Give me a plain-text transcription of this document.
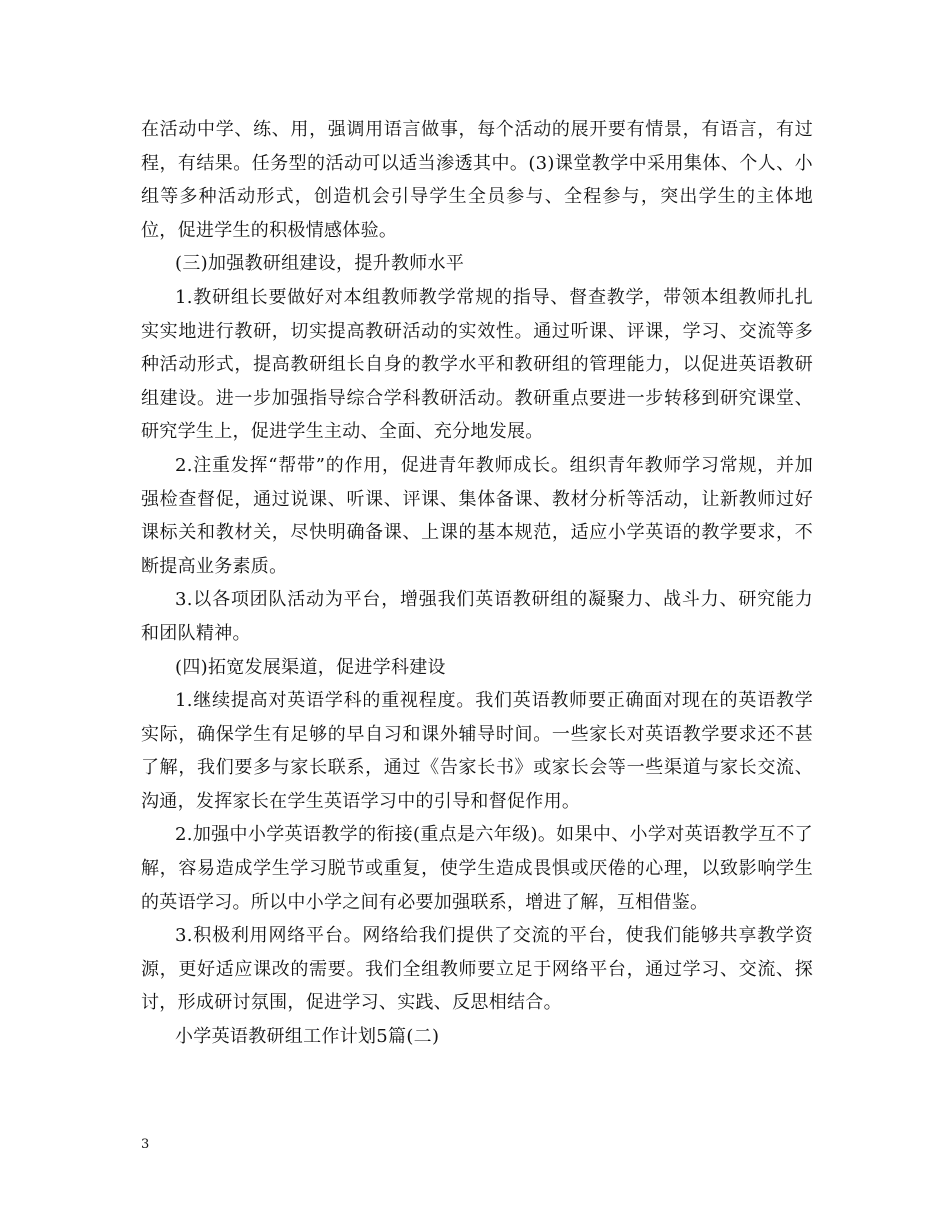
在活动中学、练、用，强调用语言做事，每个活动的展开要有情景，有语言，有过程，有结果。任务型的活动可以适当渗透其中。(3)课堂教学中采用集体、个人、小组等多种活动形式，创造机会引导学生全员参与、全程参与，突出学生的主体地位，促进学生的积极情感体验。

(三)加强教研组建设，提升教师水平

1.教研组长要做好对本组教师教学常规的指导、督查教学，带领本组教师扎扎实实地进行教研，切实提高教研活动的实效性。通过听课、评课，学习、交流等多种活动形式，提高教研组长自身的教学水平和教研组的管理能力，以促进英语教研组建设。进一步加强指导综合学科教研活动。教研重点要进一步转移到研究课堂、研究学生上，促进学生主动、全面、充分地发展。

2.注重发挥“帮带”的作用，促进青年教师成长。组织青年教师学习常规，并加强检查督促，通过说课、听课、评课、集体备课、教材分析等活动，让新教师过好课标关和教材关，尽快明确备课、上课的基本规范，适应小学英语的教学要求，不断提高业务素质。

3.以各项团队活动为平台，增强我们英语教研组的凝聚力、战斗力、研究能力和团队精神。

(四)拓宽发展渠道，促进学科建设

1.继续提高对英语学科的重视程度。我们英语教师要正确面对现在的英语教学实际，确保学生有足够的早自习和课外辅导时间。一些家长对英语教学要求还不甚了解，我们要多与家长联系，通过《告家长书》或家长会等一些渠道与家长交流、沟通，发挥家长在学生英语学习中的引导和督促作用。

2.加强中小学英语教学的衔接(重点是六年级)。如果中、小学对英语教学互不了解，容易造成学生学习脱节或重复，使学生造成畏惧或厌倦的心理，以致影响学生的英语学习。所以中小学之间有必要加强联系，增进了解，互相借鉴。

3.积极利用网络平台。网络给我们提供了交流的平台，使我们能够共享教学资源，更好适应课改的需要。我们全组教师要立足于网络平台，通过学习、交流、探讨，形成研讨氛围，促进学习、实践、反思相结合。

小学英语教研组工作计划5篇(二)

3
